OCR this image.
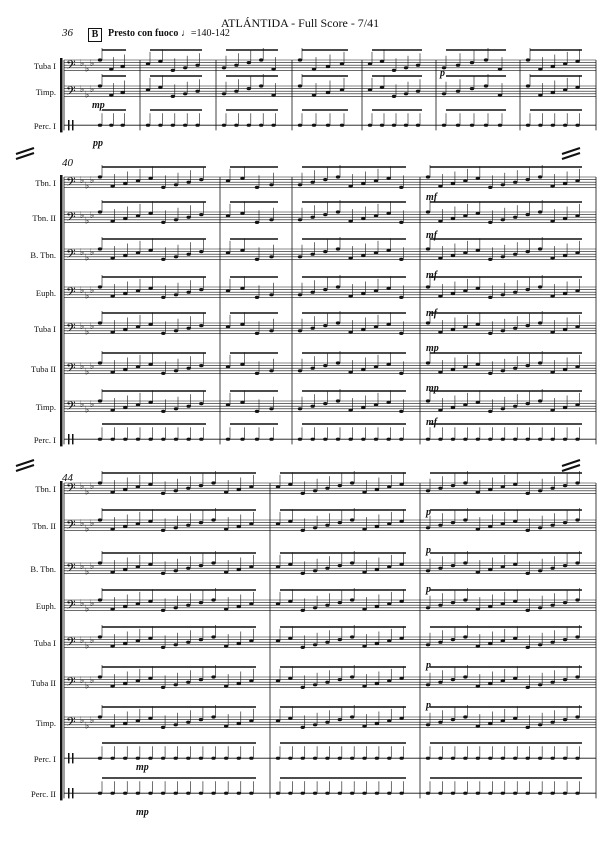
ATLÁNTIDA - Full Score - 7/41
36	B Presto con fuoco ♩=140-142
40
44
Tuba I
Timp.
Perc. I
Tbn. I
Tbn. II
B. Tbn.
Euph.
Tuba I
Tuba II
Timp.
Perc. I
Tbn. I
Tbn. II
B. Tbn.
Euph.
Tuba I
Tuba II
Timp.
Perc. I
Perc. II
𝄢 ♭
♭
♭
𝄢 ♭
♭
♭
𝄢 ♭
♭
♭
𝄢 ♭
♭
♭
𝄢 ♭
♭
♭
𝄢 ♭
♭
♭
𝄢 ♭
♭
♭
𝄢 ♭
♭
♭
𝄢 ♭
♭
♭
𝄢 ♭
♭
♭
𝄢 ♭
♭
♭
𝄢 ♭
♭
♭
𝄢 ♭
♭
♭
𝄢 ♭
♭
♭
𝄢 ♭
♭
♭
𝄢 ♭
♭
♭
mp
pp
p
mf
mf
mf
mf
mp
mp
mf
p
p
p
p
p
mp
mp
